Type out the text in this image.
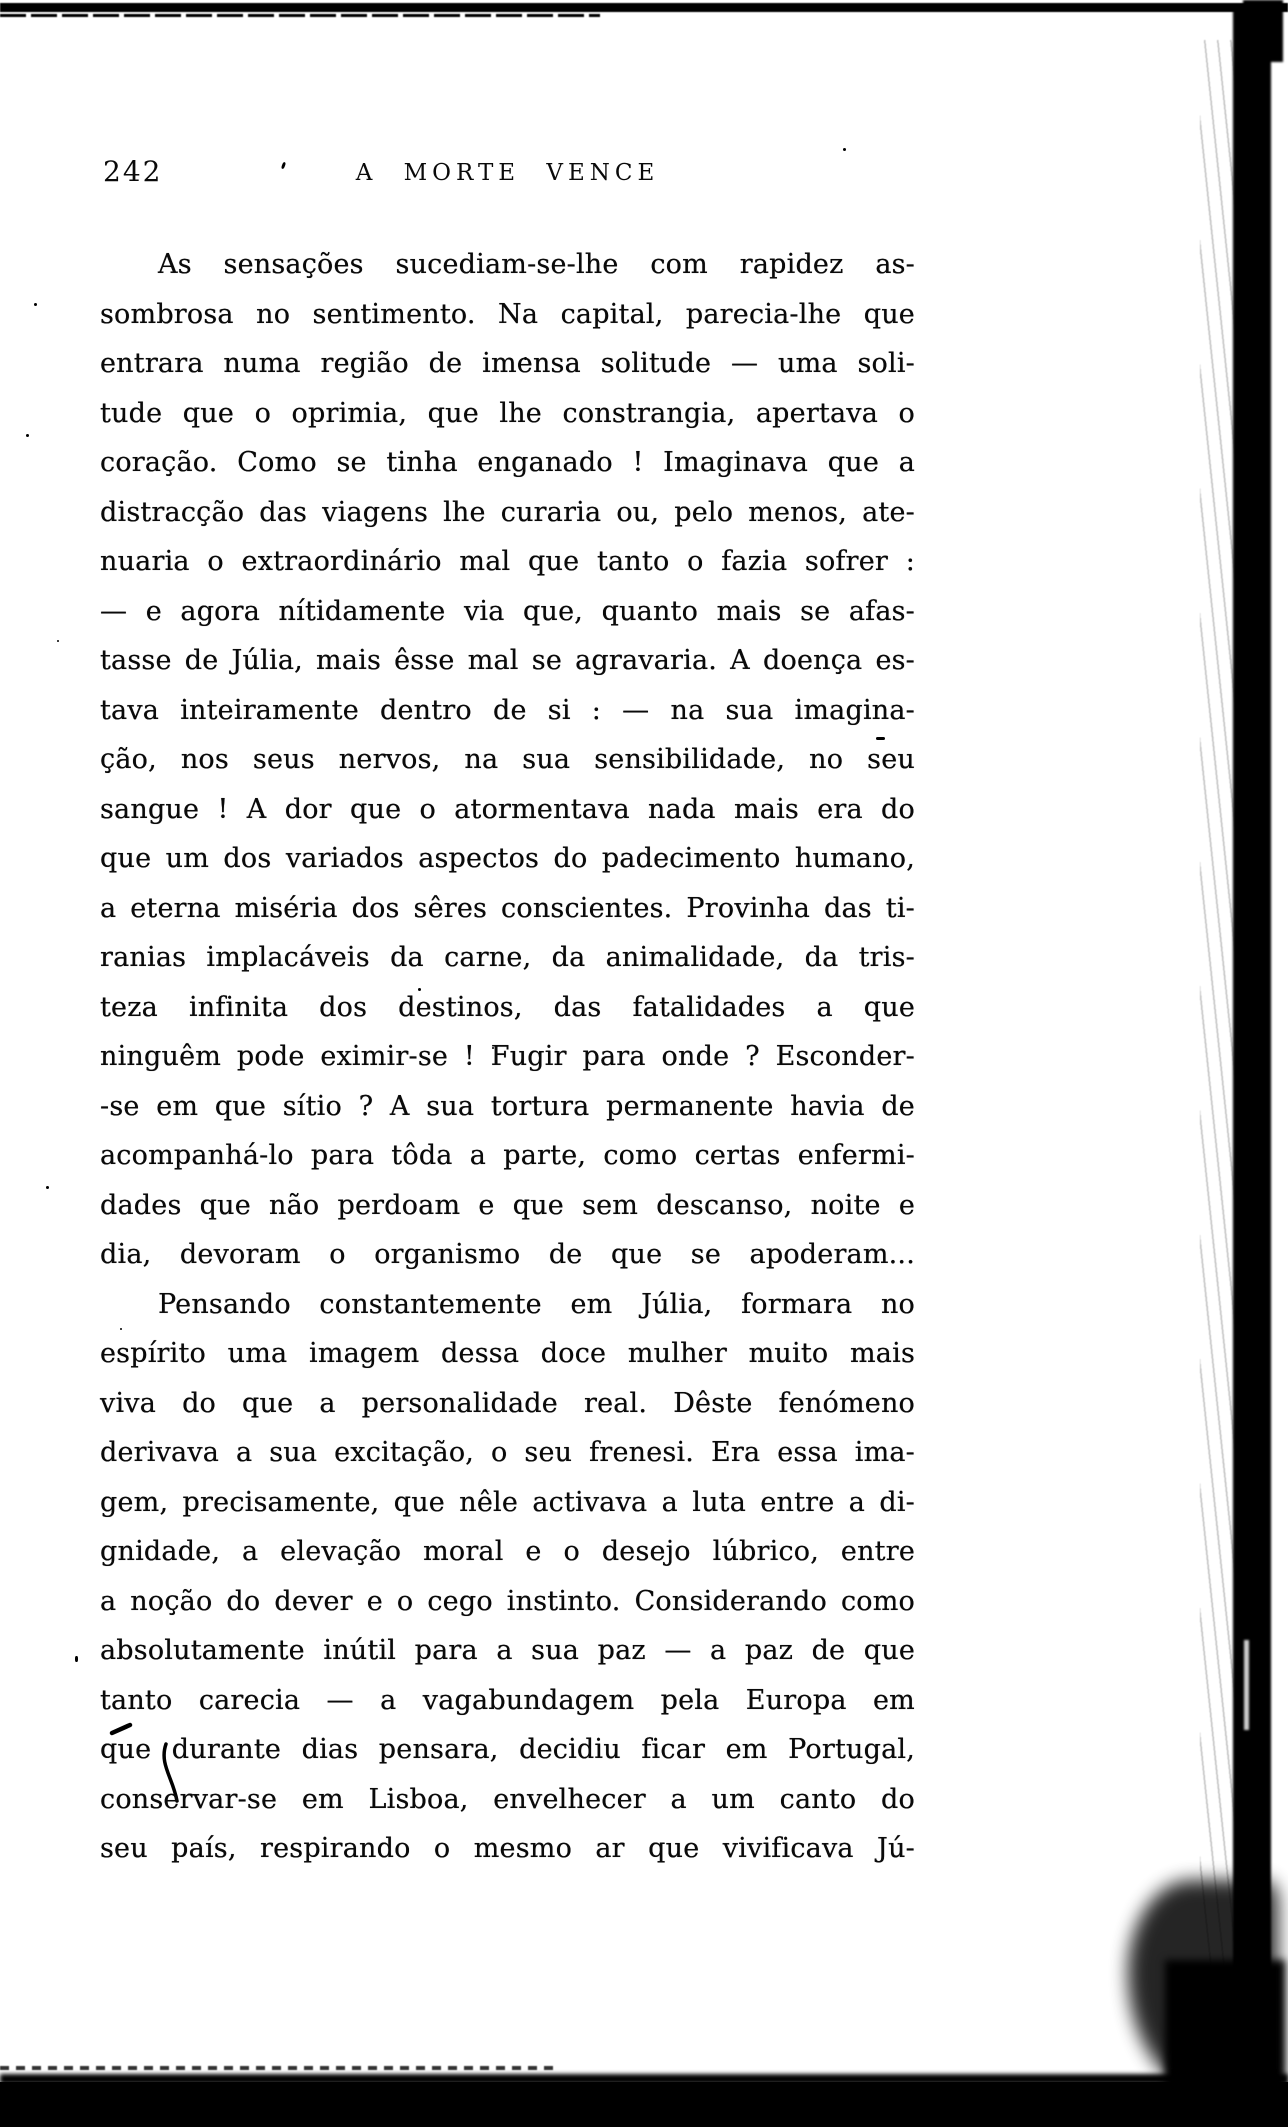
242	A MORTE VENCE
As sensações sucediam-se-lhe com rapidez as-
sombrosa no sentimento. Na capital, parecia-lhe que
entrara numa região de imensa solitude — uma soli-
tude que o oprimia, que lhe constrangia, apertava o
coração. Como se tinha enganado ! Imaginava que a
distracção das viagens lhe curaria ou, pelo menos, ate-
nuaria o extraordinário mal que tanto o fazia sofrer :
— e agora nítidamente via que, quanto mais se afas-
tasse de Júlia, mais êsse mal se agravaria. A doença es-
tava inteiramente dentro de si : — na sua imagina-
ção, nos seus nervos, na sua sensibilidade, no seu
sangue ! A dor que o atormentava nada mais era do
que um dos variados aspectos do padecimento humano,
a eterna miséria dos sêres conscientes. Provinha das ti-
ranias implacáveis da carne, da animalidade, da tris-
teza infinita dos destinos, das fatalidades a que
ninguêm pode eximir-se ! Fugir para onde ? Esconder-
-se em que sítio ? A sua tortura permanente havia de
acompanhá-lo para tôda a parte, como certas enfermi-
dades que não perdoam e que sem descanso, noite e
dia, devoram o organismo de que se apoderam...
Pensando constantemente em Júlia, formara no
espírito uma imagem dessa doce mulher muito mais
viva do que a personalidade real. Dêste fenómeno
derivava a sua excitação, o seu frenesi. Era essa ima-
gem, precisamente, que nêle activava a luta entre a di-
gnidade, a elevação moral e o desejo lúbrico, entre
a noção do dever e o cego instinto. Considerando como
absolutamente inútil para a sua paz — a paz de que
tanto carecia — a vagabundagem pela Europa em
que durante dias pensara, decidiu ficar em Portugal,
conservar-se em Lisboa, envelhecer a um canto do
seu país, respirando o mesmo ar que vivificava Jú-
